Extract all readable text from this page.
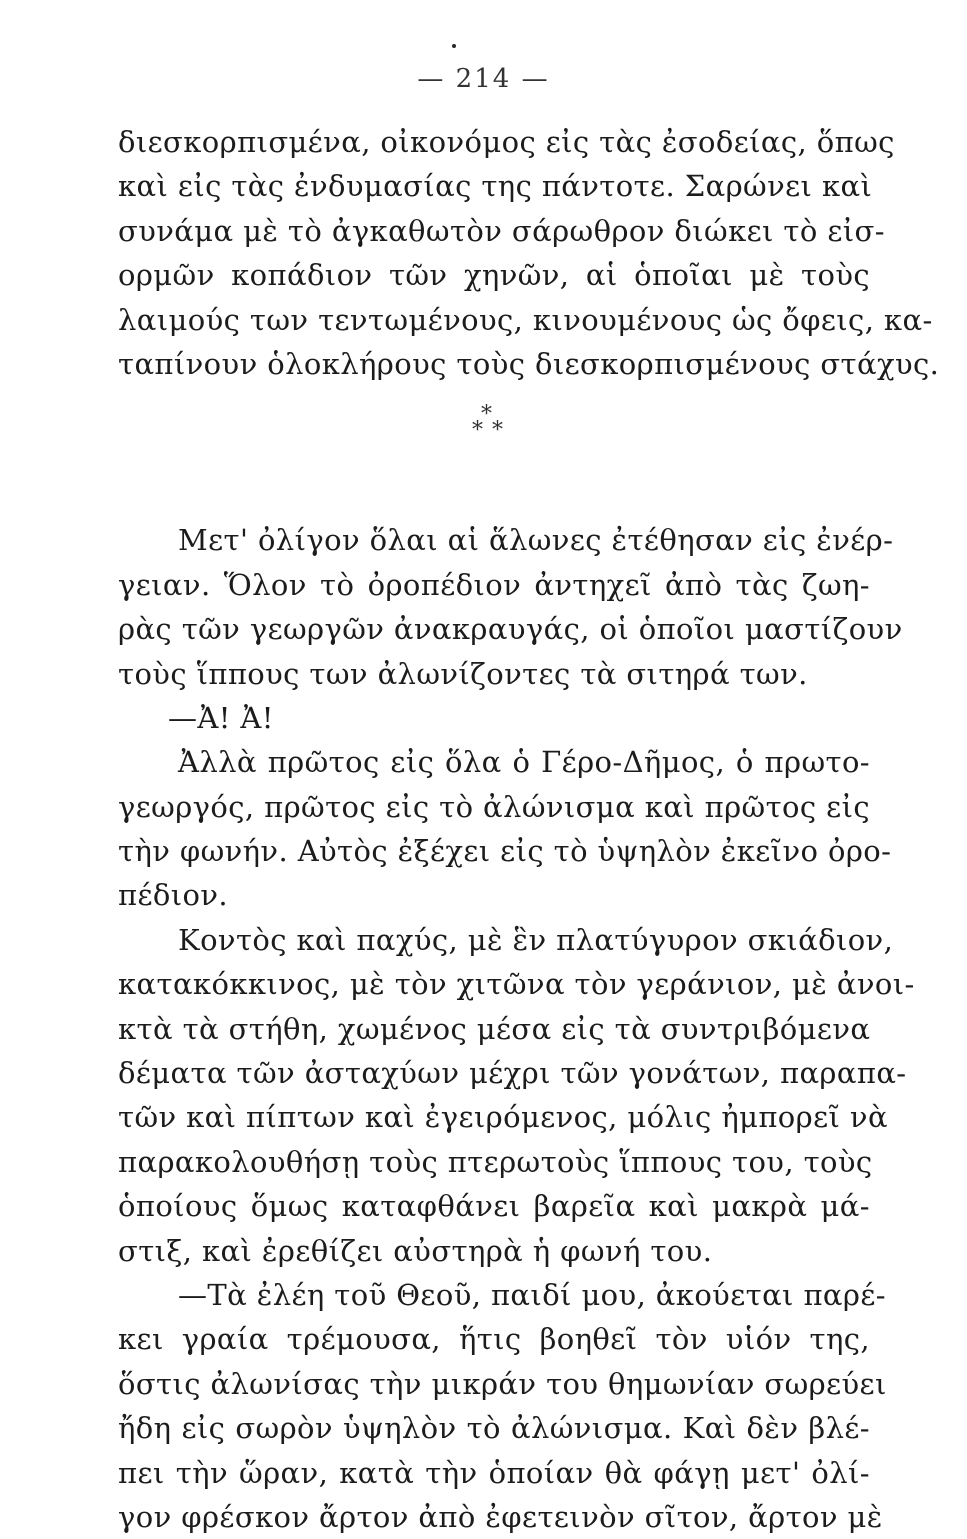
— 214 —
διεσκορπισμένα, οἰκονόμος εἰς τὰς ἐσοδείας, ὅπως
καὶ εἰς τὰς ἐνδυμασίας της πάντοτε. Σαρώνει καὶ
συνάμα μὲ τὸ ἀγκαθωτὸν σάρωθρον διώκει τὸ εἰσ-
ορμῶν κοπάδιον τῶν χηνῶν, αἱ ὁποῖαι μὲ τοὺς
λαιμούς των τεντωμένους, κινουμένους ὡς ὄφεις, κα-
ταπίνουν ὁλοκλήρους τοὺς διεσκορπισμένους στάχυς.
*
* *
Μετ' ὀλίγον ὅλαι αἱ ἅλωνες ἐτέθησαν εἰς ἐνέρ-
γειαν. Ὅλον τὸ ὀροπέδιον ἀντηχεῖ ἀπὸ τὰς ζωη-
ρὰς τῶν γεωργῶν ἀνακραυγάς, οἱ ὁποῖοι μαστίζουν
τοὺς ἵππους των ἀλωνίζοντες τὰ σιτηρά των.
—Ἀ! Ἀ!
Ἀλλὰ πρῶτος εἰς ὅλα ὁ Γέρο-Δῆμος, ὁ πρωτο-
γεωργός, πρῶτος εἰς τὸ ἀλώνισμα καὶ πρῶτος εἰς
τὴν φωνήν. Αὐτὸς ἐξέχει εἰς τὸ ὑψηλὸν ἐκεῖνο ὀρο-
πέδιον.
Κοντὸς καὶ παχύς, μὲ ἓν πλατύγυρον σκιάδιον,
κατακόκκινος, μὲ τὸν χιτῶνα τὸν γεράνιον, μὲ ἀνοι-
κτὰ τὰ στήθη, χωμένος μέσα εἰς τὰ συντριβόμενα
δέματα τῶν ἀσταχύων μέχρι τῶν γονάτων, παραπα-
τῶν καὶ πίπτων καὶ ἐγειρόμενος, μόλις ἠμπορεῖ νὰ
παρακολουθήσῃ τοὺς πτερωτοὺς ἵππους του, τοὺς
ὁποίους ὅμως καταφθάνει βαρεῖα καὶ μακρὰ μά-
στιξ, καὶ ἐρεθίζει αὐστηρὰ ἡ φωνή του.
—Τὰ ἐλέη τοῦ Θεοῦ, παιδί μου, ἀκούεται παρέ-
κει γραία τρέμουσα, ἥτις βοηθεῖ τὸν υἱόν της,
ὅστις ἀλωνίσας τὴν μικράν του θημωνίαν σωρεύει
ἤδη εἰς σωρὸν ὑψηλὸν τὸ ἀλώνισμα. Καὶ δὲν βλέ-
πει τὴν ὥραν, κατὰ τὴν ὁποίαν θὰ φάγῃ μετ' ὀλί-
γον φρέσκον ἄρτον ἀπὸ ἐφετεινὸν σῖτον, ἄρτον μὲ
